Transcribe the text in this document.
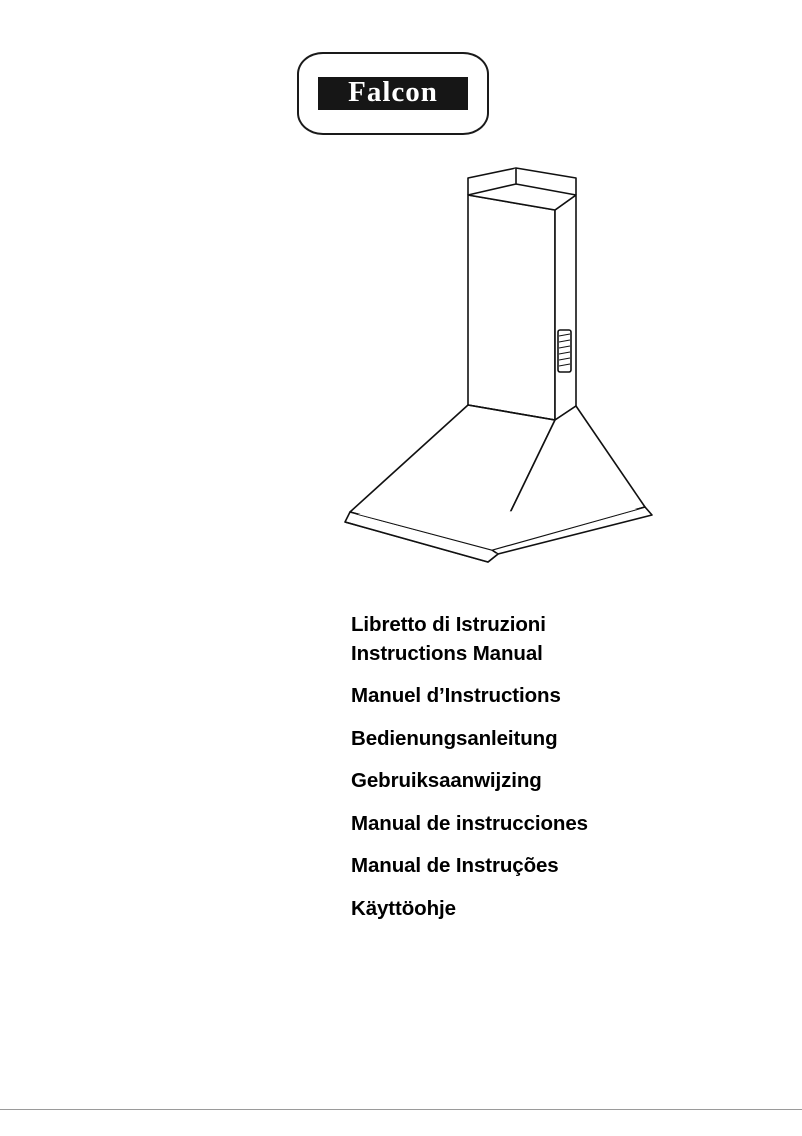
Falcon
Libretto di Istruzioni
Instructions Manual
Manuel d’Instructions
Bedienungsanleitung
Gebruiksaanwijzing
Manual de instrucciones
Manual de Instruções
Käyttöohje
